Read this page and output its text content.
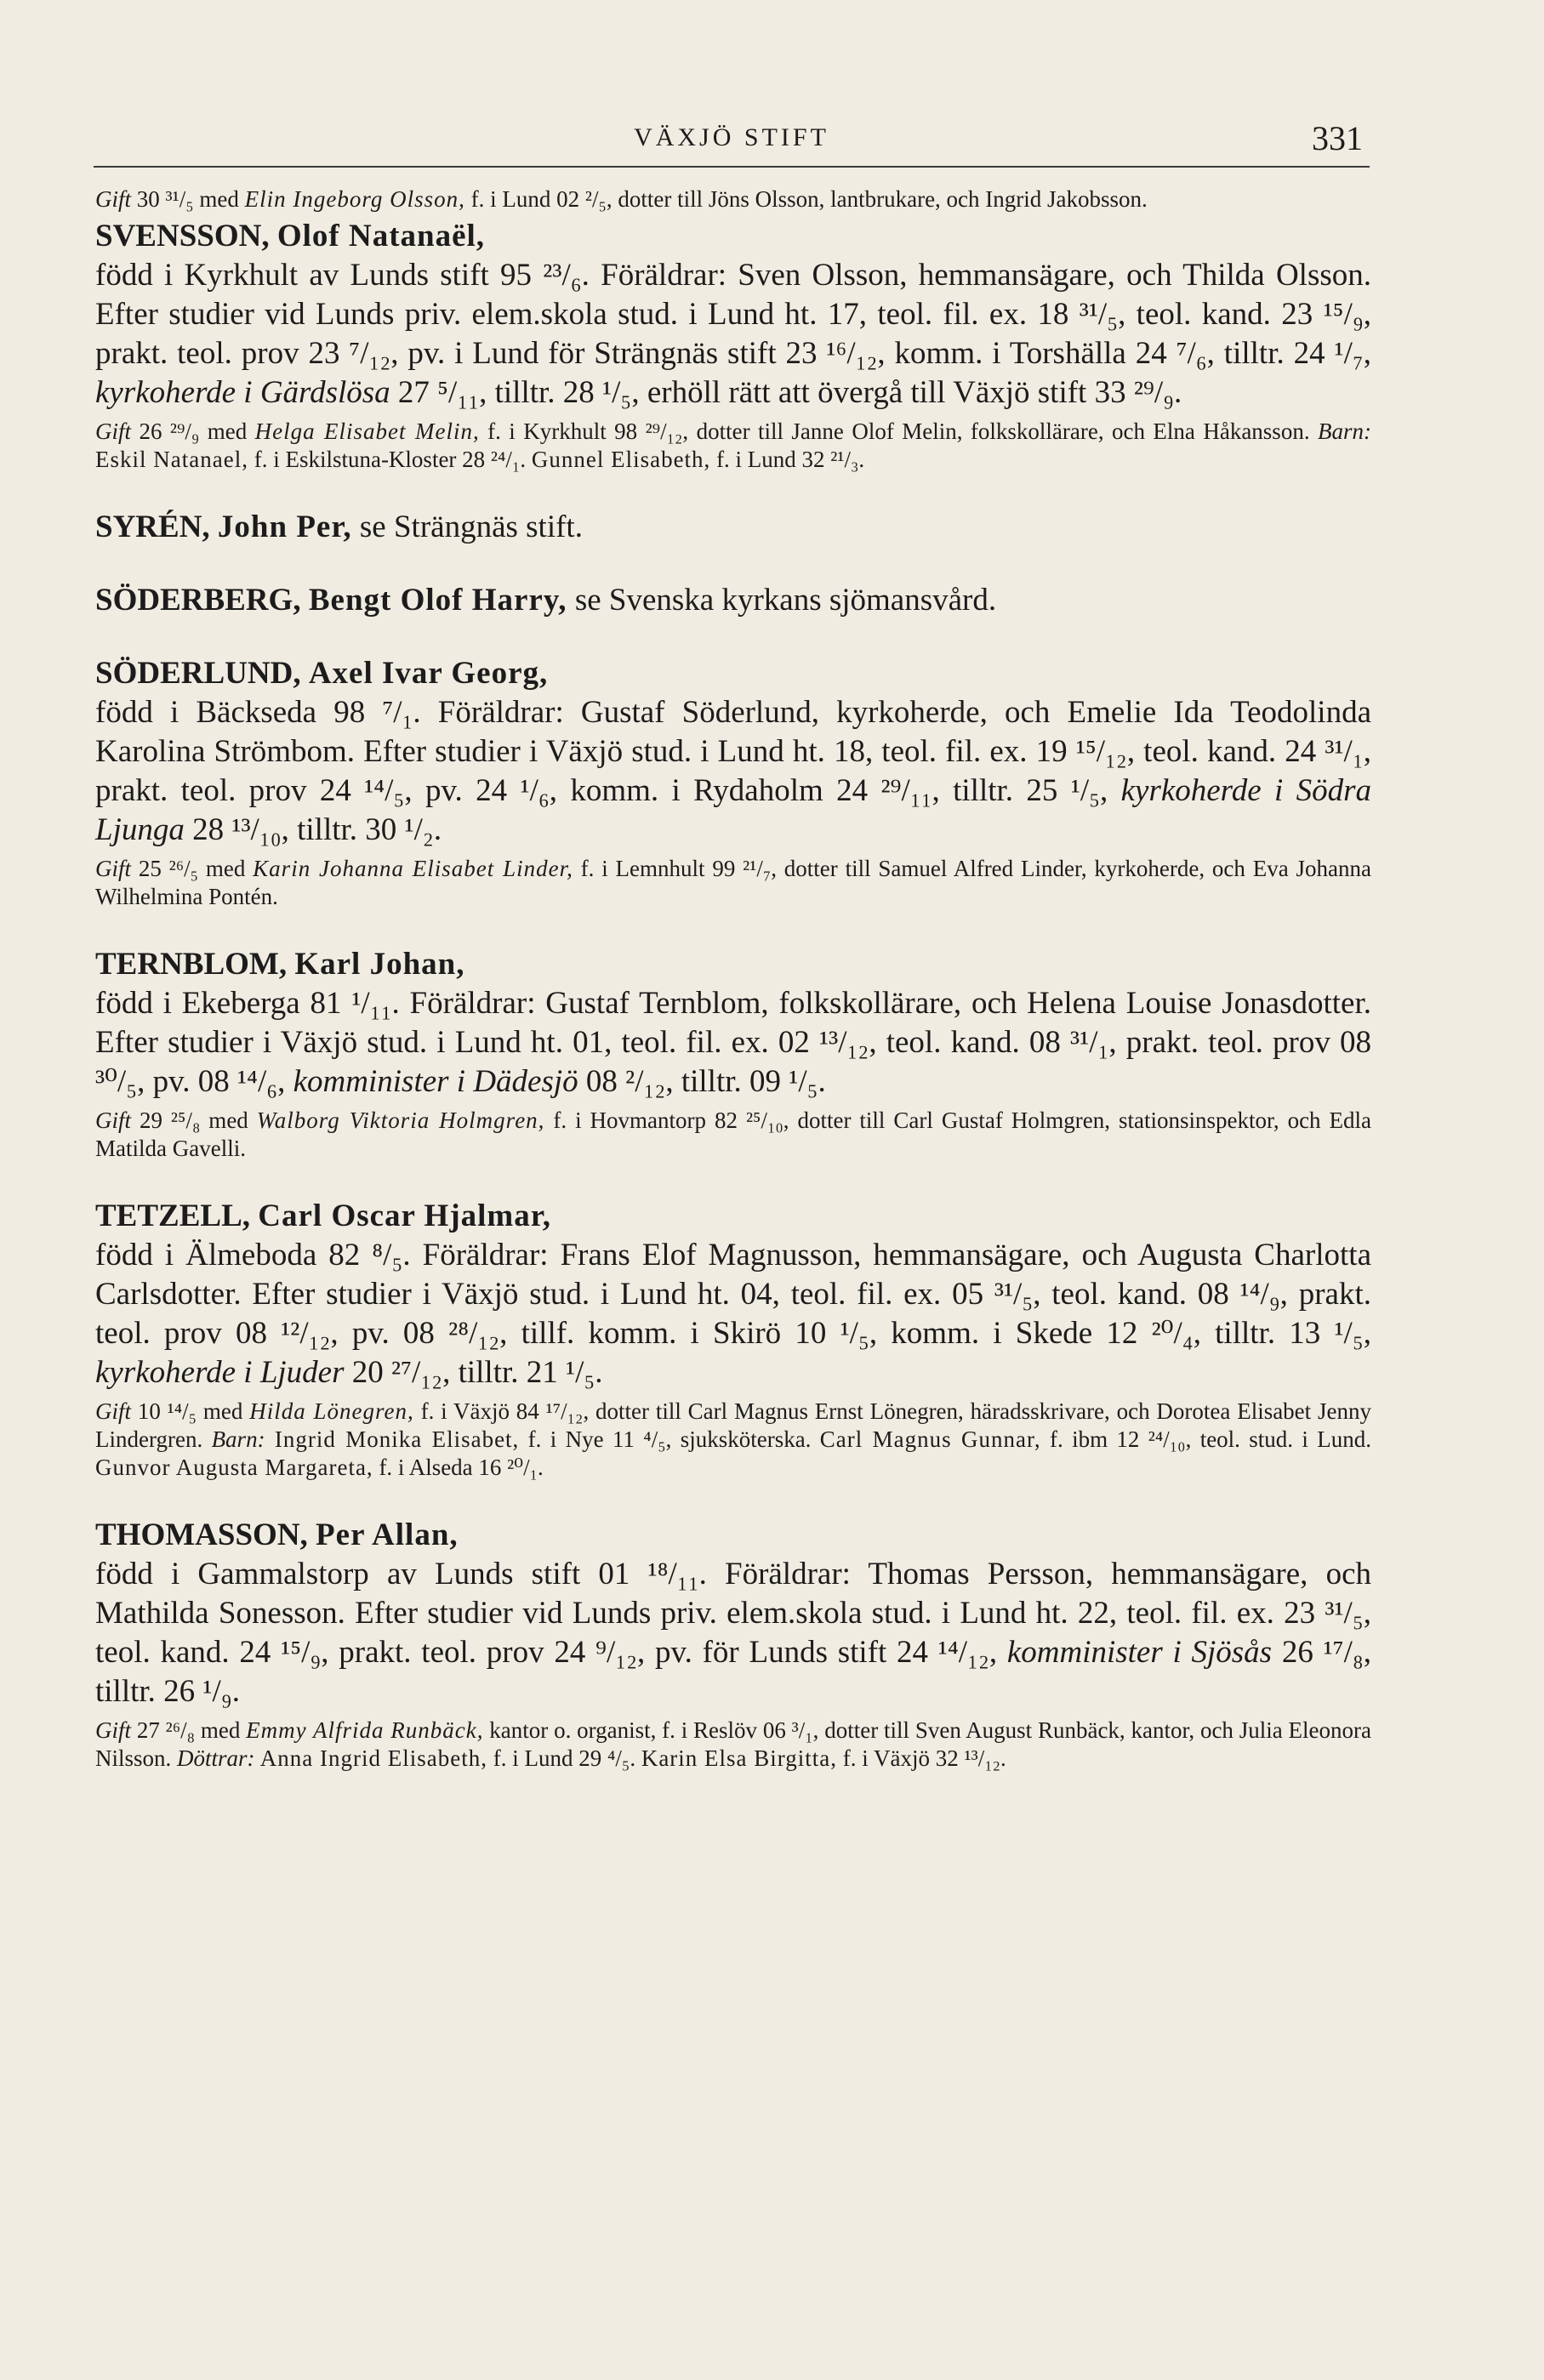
VÄXJÖ STIFT	331

Gift 30 ³¹/₅ med Elin Ingeborg Olsson, f. i Lund 02 ²/₅, dotter till Jöns Olsson, lantbrukare, och Ingrid Jakobsson.

SVENSSON, Olof Natanaël,

född i Kyrkhult av Lunds stift 95 ²³/₆. Föräldrar: Sven Olsson, hemmansägare, och Thilda Olsson. Efter studier vid Lunds priv. elem.skola stud. i Lund ht. 17, teol. fil. ex. 18 ³¹/₅, teol. kand. 23 ¹⁵/₉, prakt. teol. prov 23 ⁷/₁₂, pv. i Lund för Strängnäs stift 23 ¹⁶/₁₂, komm. i Torshälla 24 ⁷/₆, tilltr. 24 ¹/₇, kyrkoherde i Gärdslösa 27 ⁵/₁₁, tilltr. 28 ¹/₅, erhöll rätt att övergå till Växjö stift 33 ²⁹/₉.

Gift 26 ²⁹/₉ med Helga Elisabet Melin, f. i Kyrkhult 98 ²⁹/₁₂, dotter till Janne Olof Melin, folkskollärare, och Elna Håkansson. Barn: Eskil Natanael, f. i Eskilstuna-Kloster 28 ²⁴/₁. Gunnel Elisabeth, f. i Lund 32 ²¹/₃.

SYRÉN, John Per, se Strängnäs stift.

SÖDERBERG, Bengt Olof Harry, se Svenska kyrkans sjömansvård.

SÖDERLUND, Axel Ivar Georg,

född i Bäckseda 98 ⁷/₁. Föräldrar: Gustaf Söderlund, kyrkoherde, och Emelie Ida Teodolinda Karolina Strömbom. Efter studier i Växjö stud. i Lund ht. 18, teol. fil. ex. 19 ¹⁵/₁₂, teol. kand. 24 ³¹/₁, prakt. teol. prov 24 ¹⁴/₅, pv. 24 ¹/₆, komm. i Rydaholm 24 ²⁹/₁₁, tilltr. 25 ¹/₅, kyrkoherde i Södra Ljunga 28 ¹³/₁₀, tilltr. 30 ¹/₂.

Gift 25 ²⁶/₅ med Karin Johanna Elisabet Linder, f. i Lemnhult 99 ²¹/₇, dotter till Samuel Alfred Linder, kyrkoherde, och Eva Johanna Wilhelmina Pontén.

TERNBLOM, Karl Johan,

född i Ekeberga 81 ¹/₁₁. Föräldrar: Gustaf Ternblom, folkskollärare, och Helena Louise Jonasdotter. Efter studier i Växjö stud. i Lund ht. 01, teol. fil. ex. 02 ¹³/₁₂, teol. kand. 08 ³¹/₁, prakt. teol. prov 08 ³⁰/₅, pv. 08 ¹⁴/₆, komminister i Dädesjö 08 ²/₁₂, tilltr. 09 ¹/₅.

Gift 29 ²⁵/₈ med Walborg Viktoria Holmgren, f. i Hovmantorp 82 ²⁵/₁₀, dotter till Carl Gustaf Holmgren, stationsinspektor, och Edla Matilda Gavelli.

TETZELL, Carl Oscar Hjalmar,

född i Älmeboda 82 ⁸/₅. Föräldrar: Frans Elof Magnusson, hemmansägare, och Augusta Charlotta Carlsdotter. Efter studier i Växjö stud. i Lund ht. 04, teol. fil. ex. 05 ³¹/₅, teol. kand. 08 ¹⁴/₉, prakt. teol. prov 08 ¹²/₁₂, pv. 08 ²⁸/₁₂, tillf. komm. i Skirö 10 ¹/₅, komm. i Skede 12 ²⁰/₄, tilltr. 13 ¹/₅, kyrkoherde i Ljuder 20 ²⁷/₁₂, tilltr. 21 ¹/₅.

Gift 10 ¹⁴/₅ med Hilda Lönegren, f. i Växjö 84 ¹⁷/₁₂, dotter till Carl Magnus Ernst Lönegren, häradsskrivare, och Dorotea Elisabet Jenny Lindergren. Barn: Ingrid Monika Elisabet, f. i Nye 11 ⁴/₅, sjuksköterska. Carl Magnus Gunnar, f. ibm 12 ²⁴/₁₀, teol. stud. i Lund. Gunvor Augusta Margareta, f. i Alseda 16 ²⁰/₁.

THOMASSON, Per Allan,

född i Gammalstorp av Lunds stift 01 ¹⁸/₁₁. Föräldrar: Thomas Persson, hemmansägare, och Mathilda Sonesson. Efter studier vid Lunds priv. elem.skola stud. i Lund ht. 22, teol. fil. ex. 23 ³¹/₅, teol. kand. 24 ¹⁵/₉, prakt. teol. prov 24 ⁹/₁₂, pv. för Lunds stift 24 ¹⁴/₁₂, komminister i Sjösås 26 ¹⁷/₈, tilltr. 26 ¹/₉.

Gift 27 ²⁶/₈ med Emmy Alfrida Runbäck, kantor o. organist, f. i Reslöv 06 ³/₁, dotter till Sven August Runbäck, kantor, och Julia Eleonora Nilsson. Döttrar: Anna Ingrid Elisabeth, f. i Lund 29 ⁴/₅. Karin Elsa Birgitta, f. i Växjö 32 ¹³/₁₂.
